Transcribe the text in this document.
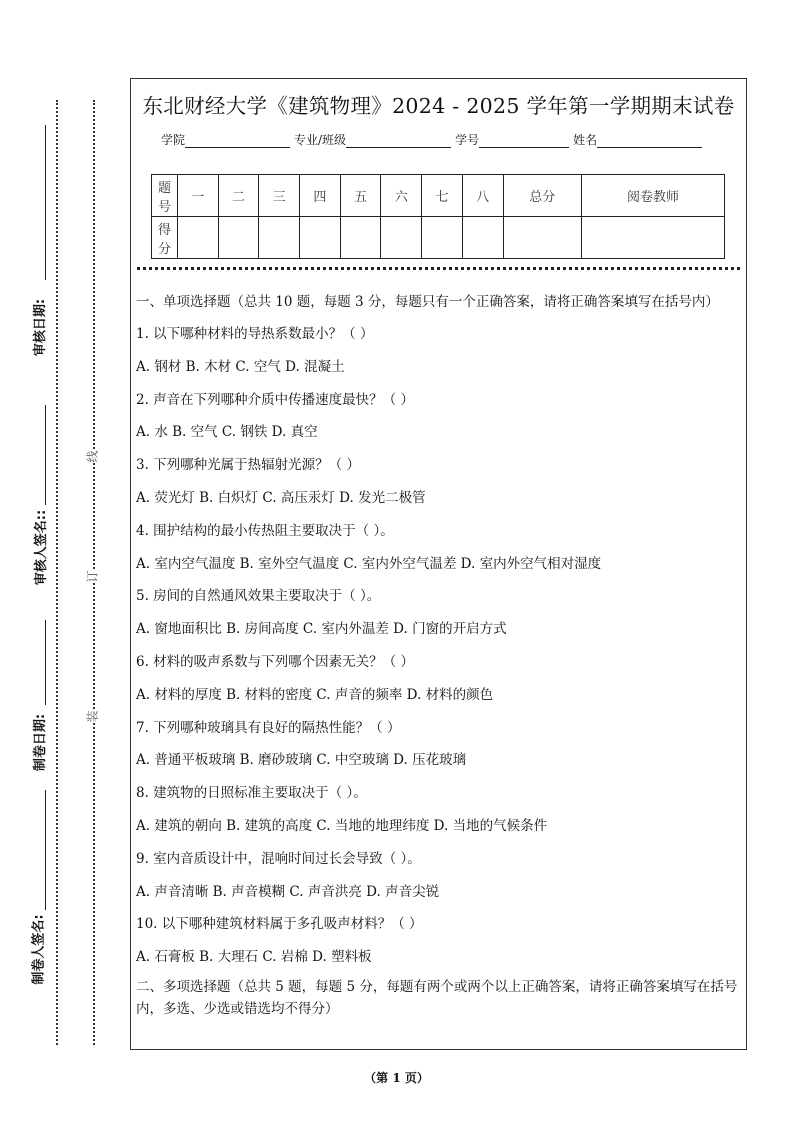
审核日期:
审核人签名::
制卷日期:
制卷人签名:
线
订
装
东北财经大学《建筑物理》2024 - 2025 学年第一学期期末试卷
学院	专业/班级	学号	姓名
题号	一	二	三	四	五	六	七	八	总分	阅卷教师
得分										

一、单项选择题（总共 10 题，每题 3 分，每题只有一个正确答案，请将正确答案填写在括号内）

1. 以下哪种材料的导热系数最小？（ ）

A. 钢材 B. 木材 C. 空气 D. 混凝土

2. 声音在下列哪种介质中传播速度最快？（ ）

A. 水 B. 空气 C. 钢铁 D. 真空

3. 下列哪种光属于热辐射光源？（ ）

A. 荧光灯 B. 白炽灯 C. 高压汞灯 D. 发光二极管

4. 围护结构的最小传热阻主要取决于（ ）。

A. 室内空气温度 B. 室外空气温度 C. 室内外空气温差 D. 室内外空气相对湿度

5. 房间的自然通风效果主要取决于（ ）。

A. 窗地面积比 B. 房间高度 C. 室内外温差 D. 门窗的开启方式

6. 材料的吸声系数与下列哪个因素无关？（ ）

A. 材料的厚度 B. 材料的密度 C. 声音的频率 D. 材料的颜色

7. 下列哪种玻璃具有良好的隔热性能？（ ）

A. 普通平板玻璃 B. 磨砂玻璃 C. 中空玻璃 D. 压花玻璃

8. 建筑物的日照标准主要取决于（ ）。

A. 建筑的朝向 B. 建筑的高度 C. 当地的地理纬度 D. 当地的气候条件

9. 室内音质设计中，混响时间过长会导致（ ）。

A. 声音清晰 B. 声音模糊 C. 声音洪亮 D. 声音尖锐

10. 以下哪种建筑材料属于多孔吸声材料？（ ）

A. 石膏板 B. 大理石 C. 岩棉 D. 塑料板

二、多项选择题（总共 5 题，每题 5 分，每题有两个或两个以上正确答案，请将正确答案填写在括号内，多选、少选或错选均不得分）

（第 1 页）
